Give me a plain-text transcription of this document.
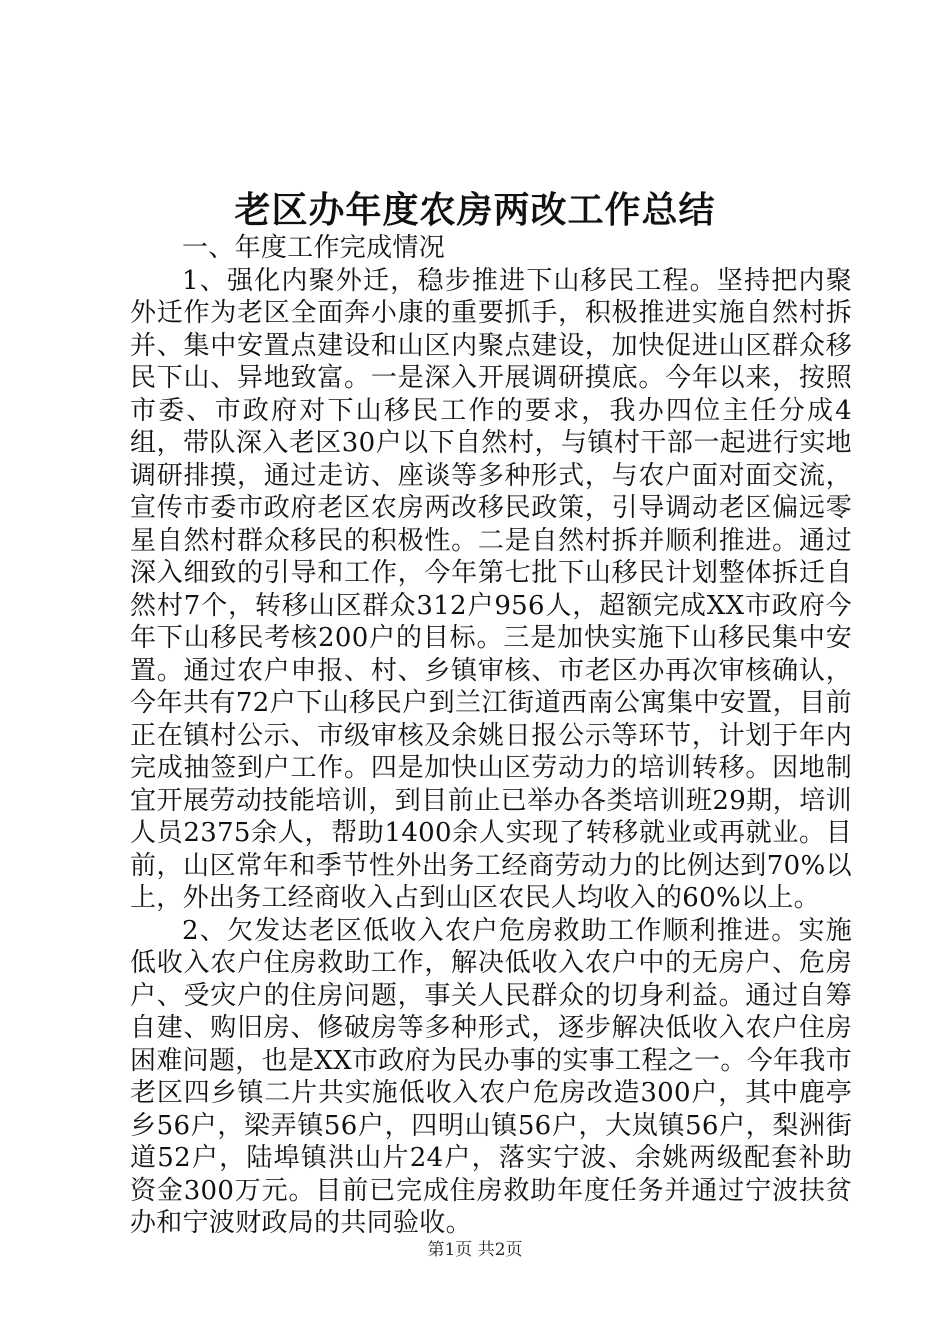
老区办年度农房两改工作总结

一、年度工作完成情况

1、强化内聚外迁，稳步推进下山移民工程。坚持把内聚外迁作为老区全面奔小康的重要抓手，积极推进实施自然村拆并、集中安置点建设和山区内聚点建设，加快促进山区群众移民下山、异地致富。一是深入开展调研摸底。今年以来，按照市委、市政府对下山移民工作的要求，我办四位主任分成4组，带队深入老区30户以下自然村，与镇村干部一起进行实地调研排摸，通过走访、座谈等多种形式，与农户面对面交流，宣传市委市政府老区农房两改移民政策，引导调动老区偏远零星自然村群众移民的积极性。二是自然村拆并顺利推进。通过深入细致的引导和工作，今年第七批下山移民计划整体拆迁自然村7个，转移山区群众312户956人，超额完成XX市政府今年下山移民考核200户的目标。三是加快实施下山移民集中安置。通过农户申报、村、乡镇审核、市老区办再次审核确认，今年共有72户下山移民户到兰江街道西南公寓集中安置，目前正在镇村公示、市级审核及余姚日报公示等环节，计划于年内完成抽签到户工作。四是加快山区劳动力的培训转移。因地制宜开展劳动技能培训，到目前止已举办各类培训班29期，培训人员2375余人，帮助1400余人实现了转移就业或再就业。目前，山区常年和季节性外出务工经商劳动力的比例达到70%以上，外出务工经商收入占到山区农民人均收入的60%以上。

2、欠发达老区低收入农户危房救助工作顺利推进。实施低收入农户住房救助工作，解决低收入农户中的无房户、危房户、受灾户的住房问题，事关人民群众的切身利益。通过自筹自建、购旧房、修破房等多种形式，逐步解决低收入农户住房困难问题，也是XX市政府为民办事的实事工程之一。今年我市老区四乡镇二片共实施低收入农户危房改造300户，其中鹿亭乡56户，梁弄镇56户，四明山镇56户，大岚镇56户，梨洲街道52户，陆埠镇洪山片24户，落实宁波、余姚两级配套补助资金300万元。目前已完成住房救助年度任务并通过宁波扶贫办和宁波财政局的共同验收。

第1页 共2页
